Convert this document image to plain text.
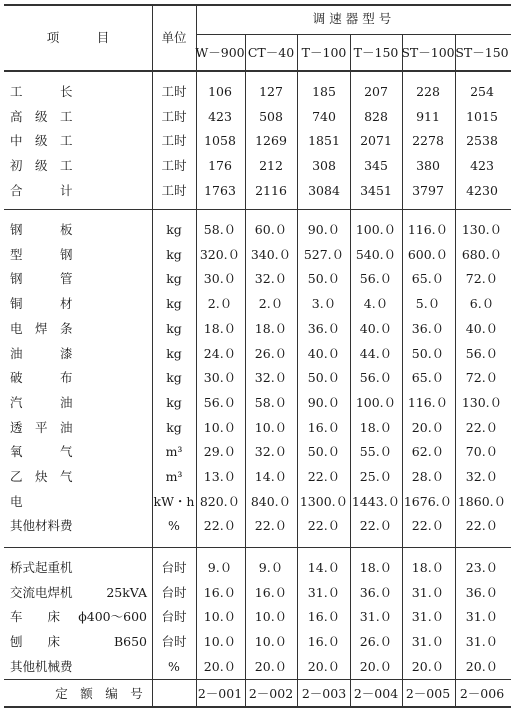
项　　　目	单位
调 速 器 型 号
W－900 CT－40 T－100 T－150 ST－100 ST－150
工　　　长	工时 106 127 185 207 228 254
高　级　工	工时 423 508 740 828 911 1015
中　级　工	工时 1058 1269 1851 2071 2278 2538
初　级　工	工时 176 212 308 345 380 423
合　　　计	工时 1763 2116 3084 3451 3797 4230
钢　　　板	kg 58.０ 60.０ 90.０ 100.０ 116.０ 130.０
型　　　钢	kg 320.０ 340.０ 527.０ 540.０ 600.０ 680.０
钢　　　管	kg 30.０ 32.０ 50.０ 56.０ 65.０ 72.０
铜　　　材	kg 2.０ 2.０ 3.０ 4.０ 5.０ 6.０
电　焊　条	kg 18.０ 18.０ 36.０ 40.０ 36.０ 40.０
油　　　漆	kg 24.０ 26.０ 40.０ 44.０ 50.０ 56.０
破　　　布	kg 30.０ 32.０ 50.０ 56.０ 65.０ 72.０
汽　　　油	kg 56.０ 58.０ 90.０ 100.０ 116.０ 130.０
透　平　油	kg 10.０ 10.０ 16.０ 18.０ 20.０ 22.０
氧　　　气	m³ 29.０ 32.０ 50.０ 55.０ 62.０ 70.０
乙　炔　气	m³ 13.０ 14.０ 22.０ 25.０ 28.０ 32.０
电	kW・h 820.０ 840.０ 1300.０ 1443.０ 1676.０ 1860.０
其他材料费	% 22.０ 22.０ 22.０ 22.０ 22.０ 22.０
桥式起重机	台时 9.０ 9.０ 14.０ 18.０ 18.０ 23.０
交流电焊机	25kVA 台时 16.０ 16.０ 31.０ 36.０ 31.０ 36.０
车　　床 ϕ400～600 台时 10.０ 10.０ 16.０ 31.０ 31.０ 31.０
刨　　床	B650 台时 10.０ 10.０ 16.０ 26.０ 31.０ 31.０
其他机械费	% 20.０ 20.０ 20.０ 20.０ 20.０ 20.０
定　额　编　号	2－001 2－002 2－003 2－004 2－005 2－006
